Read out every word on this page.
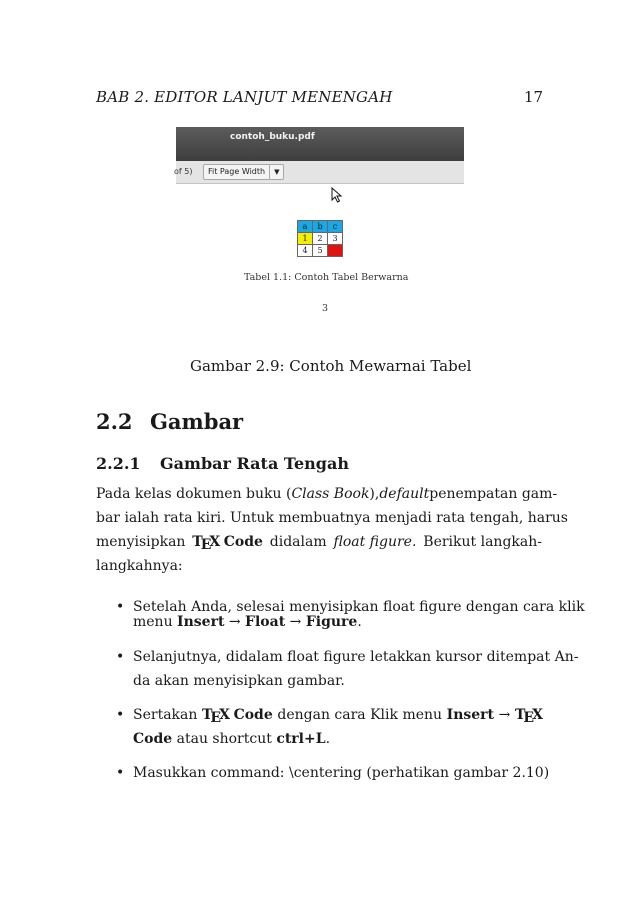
BAB 2. EDITOR LANJUT MENENGAH	17
contoh_buku.pdf
of 5)	Fit Page Width ▼
a	b	c
1	2	3
4	5	6
Tabel 1.1: Contoh Tabel Berwarna
3
Gambar 2.9: Contoh Mewarnai Tabel
2.2 Gambar
2.2.1 Gambar Rata Tengah
Pada kelas dokumen buku (Class Book), default penempatan gam-
bar ialah rata kiri. Untuk membuatnya menjadi rata tengah, harus
menyisipkan TEX Code didalam float figure. Berikut langkah-
langkahnya:
• Setelah Anda, selesai menyisipkan float figure dengan cara klik
menu Insert → Float → Figure.
• Selanjutnya, didalam float figure letakkan kursor ditempat An-
da akan menyisipkan gambar.
• Sertakan TEX Code dengan cara Klik menu Insert → TEX
Code atau shortcut ctrl+L.
• Masukkan command: \centering (perhatikan gambar 2.10)
